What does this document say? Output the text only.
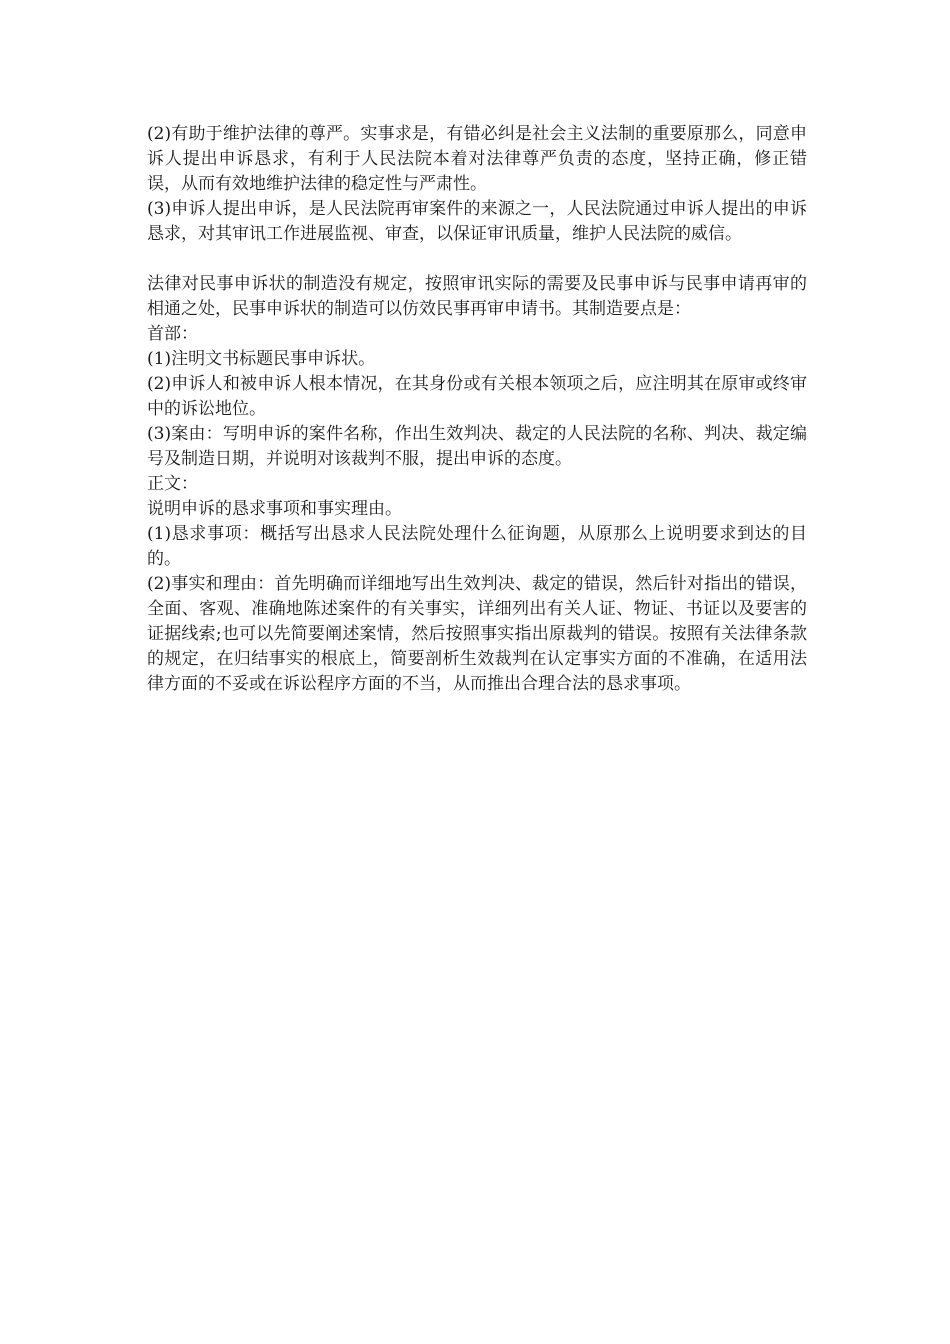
(2)有助于维护法律的尊严。实事求是，有错必纠是社会主义法制的重要原那么，同意申诉人提出申诉恳求，有利于人民法院本着对法律尊严负责的态度，坚持正确，修正错误，从而有效地维护法律的稳定性与严肃性。

(3)申诉人提出申诉，是人民法院再审案件的来源之一，人民法院通过申诉人提出的申诉恳求，对其审讯工作进展监视、审查，以保证审讯质量，维护人民法院的威信。

法律对民事申诉状的制造没有规定，按照审讯实际的需要及民事申诉与民事申请再审的相通之处，民事申诉状的制造可以仿效民事再审申请书。其制造要点是：

首部：

(1)注明文书标题民事申诉状。

(2)申诉人和被申诉人根本情况，在其身份或有关根本领项之后，应注明其在原审或终审中的诉讼地位。

(3)案由：写明申诉的案件名称，作出生效判决、裁定的人民法院的名称、判决、裁定编号及制造日期，并说明对该裁判不服，提出申诉的态度。

正文：

说明申诉的恳求事项和事实理由。

(1)恳求事项：概括写出恳求人民法院处理什么征询题，从原那么上说明要求到达的目的。

(2)事实和理由：首先明确而详细地写出生效判决、裁定的错误，然后针对指出的错误，全面、客观、准确地陈述案件的有关事实，详细列出有关人证、物证、书证以及要害的证据线索;也可以先简要阐述案情，然后按照事实指出原裁判的错误。按照有关法律条款的规定，在归结事实的根底上，简要剖析生效裁判在认定事实方面的不准确，在适用法律方面的不妥或在诉讼程序方面的不当，从而推出合理合法的恳求事项。
